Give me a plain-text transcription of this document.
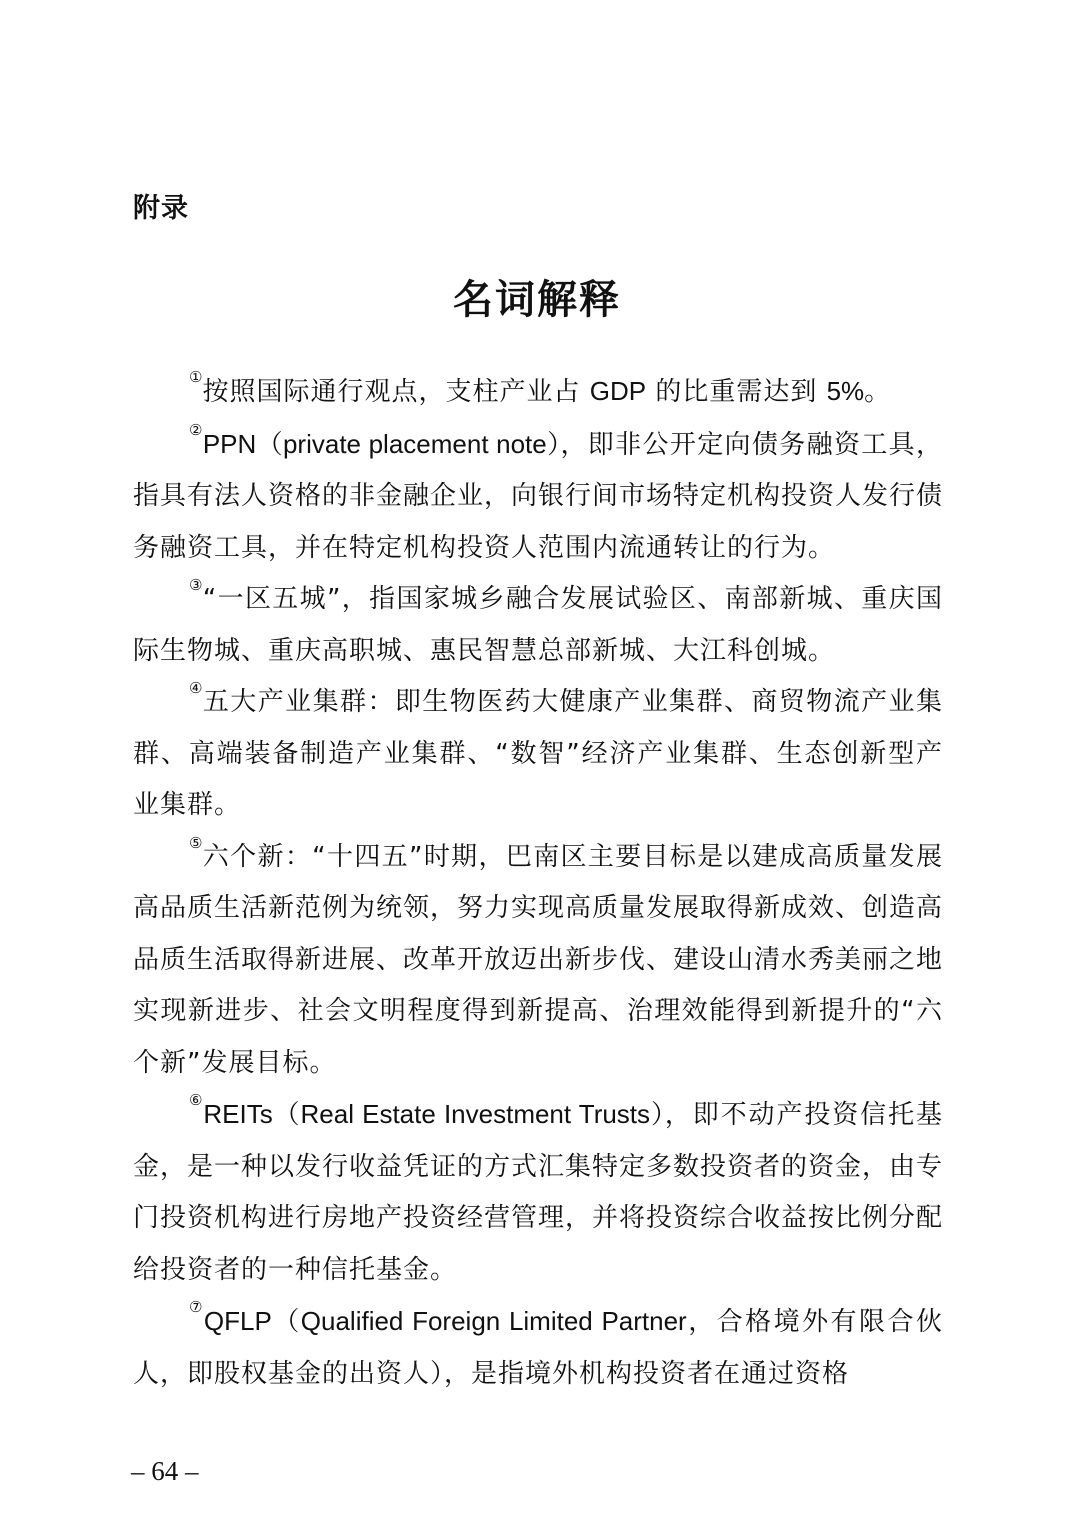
附录
名词解释

①按照国际通行观点，支柱产业占 GDP 的比重需达到 5%。

②PPN（private placement note），即非公开定向债务融资工具，指具有法人资格的非金融企业，向银行间市场特定机构投资人发行债务融资工具，并在特定机构投资人范围内流通转让的行为。

③“一区五城”，指国家城乡融合发展试验区、南部新城、重庆国际生物城、重庆高职城、惠民智慧总部新城、大江科创城。

④五大产业集群：即生物医药大健康产业集群、商贸物流产业集群、高端装备制造产业集群、“数智”经济产业集群、生态创新型产业集群。

⑤六个新：“十四五”时期，巴南区主要目标是以建成高质量发展高品质生活新范例为统领，努力实现高质量发展取得新成效、创造高品质生活取得新进展、改革开放迈出新步伐、建设山清水秀美丽之地实现新进步、社会文明程度得到新提高、治理效能得到新提升的“六个新”发展目标。

⑥REITs（Real Estate Investment Trusts），即不动产投资信托基金，是一种以发行收益凭证的方式汇集特定多数投资者的资金，由专门投资机构进行房地产投资经营管理，并将投资综合收益按比例分配给投资者的一种信托基金。

⑦QFLP（Qualified Foreign Limited Partner，合格境外有限合伙人，即股权基金的出资人），是指境外机构投资者在通过资格

– 64 –
